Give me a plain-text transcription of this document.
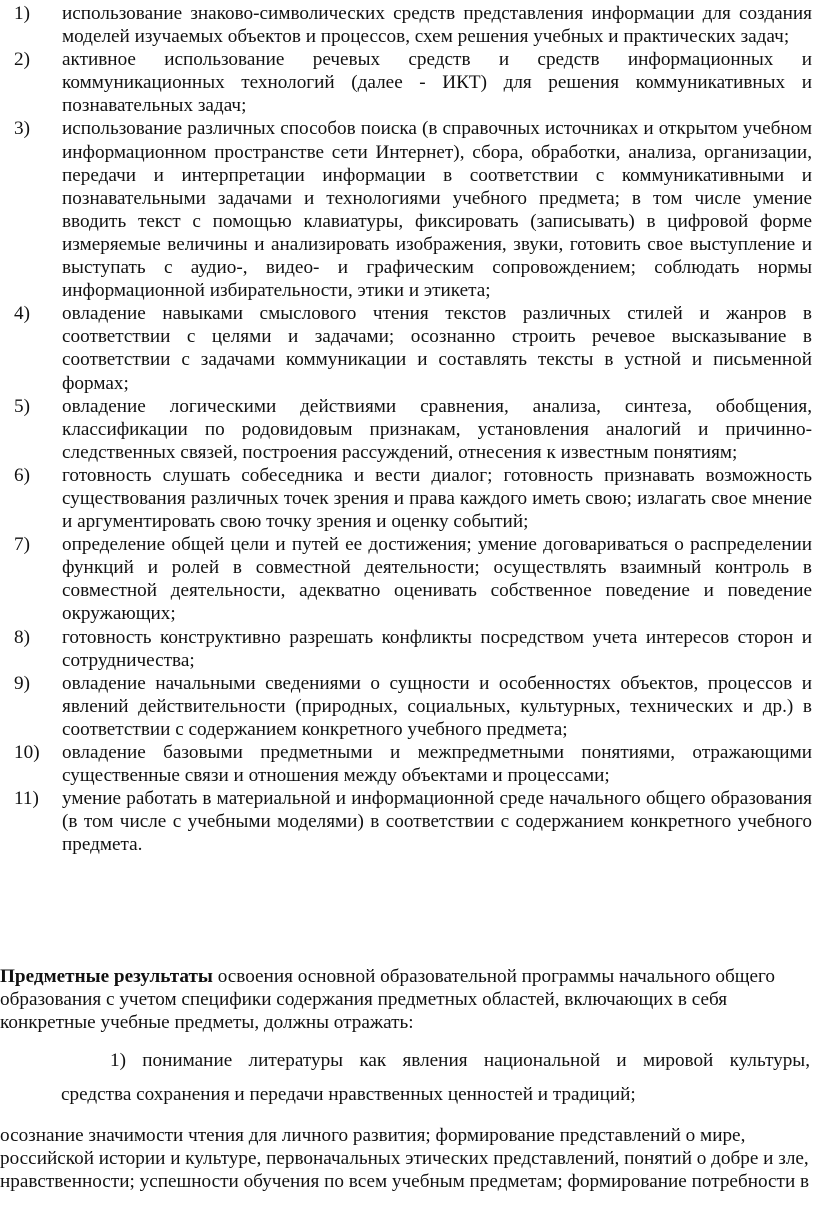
1)	использование знаково-символических средств представления информации для создания моделей изучаемых объектов и процессов, схем решения учебных и практических задач;
2)	активное использование речевых средств и средств информационных и коммуникационных технологий (далее - ИКТ) для решения коммуникативных и познавательных задач;
3)	использование различных способов поиска (в справочных источниках и открытом учебном информационном пространстве сети Интернет), сбора, обработки, анализа, организации, передачи и интерпретации информации в соответствии с коммуникативными и познавательными задачами и технологиями учебного предмета; в том числе умение вводить текст с помощью клавиатуры, фиксировать (записывать) в цифровой форме измеряемые величины и анализировать изображения, звуки, готовить свое выступление и выступать с аудио-, видео- и графическим сопровождением; соблюдать нормы информационной избирательности, этики и этикета;
4)	овладение навыками смыслового чтения текстов различных стилей и жанров в соответствии с целями и задачами; осознанно строить речевое высказывание в соответствии с задачами коммуникации и составлять тексты в устной и письменной формах;
5)	овладение логическими действиями сравнения, анализа, синтеза, обобщения, классификации по родовидовым признакам, установления аналогий и причинно-следственных связей, построения рассуждений, отнесения к известным понятиям;
6)	готовность слушать собеседника и вести диалог; готовность признавать возможность существования различных точек зрения и права каждого иметь свою; излагать свое мнение и аргументировать свою точку зрения и оценку событий;
7)	определение общей цели и путей ее достижения; умение договариваться о распределении функций и ролей в совместной деятельности; осуществлять взаимный контроль в совместной деятельности, адекватно оценивать собственное поведение и поведение окружающих;
8)	готовность конструктивно разрешать конфликты посредством учета интересов сторон и сотрудничества;
9)	овладение начальными сведениями о сущности и особенностях объектов, процессов и явлений действительности (природных, социальных, культурных, технических и др.) в соответствии с содержанием конкретного учебного предмета;
10)	овладение базовыми предметными и межпредметными понятиями, отражающими существенные связи и отношения между объектами и процессами;
11)	умение работать в материальной и информационной среде начального общего образования (в том числе с учебными моделями) в соответствии с содержанием конкретного учебного предмета.

Предметные результаты освоения основной образовательной программы начального общего образования с учетом специфики содержания предметных областей, включающих в себя конкретные учебные предметы, должны отражать:

1) понимание литературы как явления национальной и мировой культуры,

средства сохранения и передачи нравственных ценностей и традиций;

осознание значимости чтения для личного развития; формирование представлений о мире, российской истории и культуре, первоначальных этических представлений, понятий о добре и зле, нравственности; успешности обучения по всем учебным предметам; формирование потребности в
